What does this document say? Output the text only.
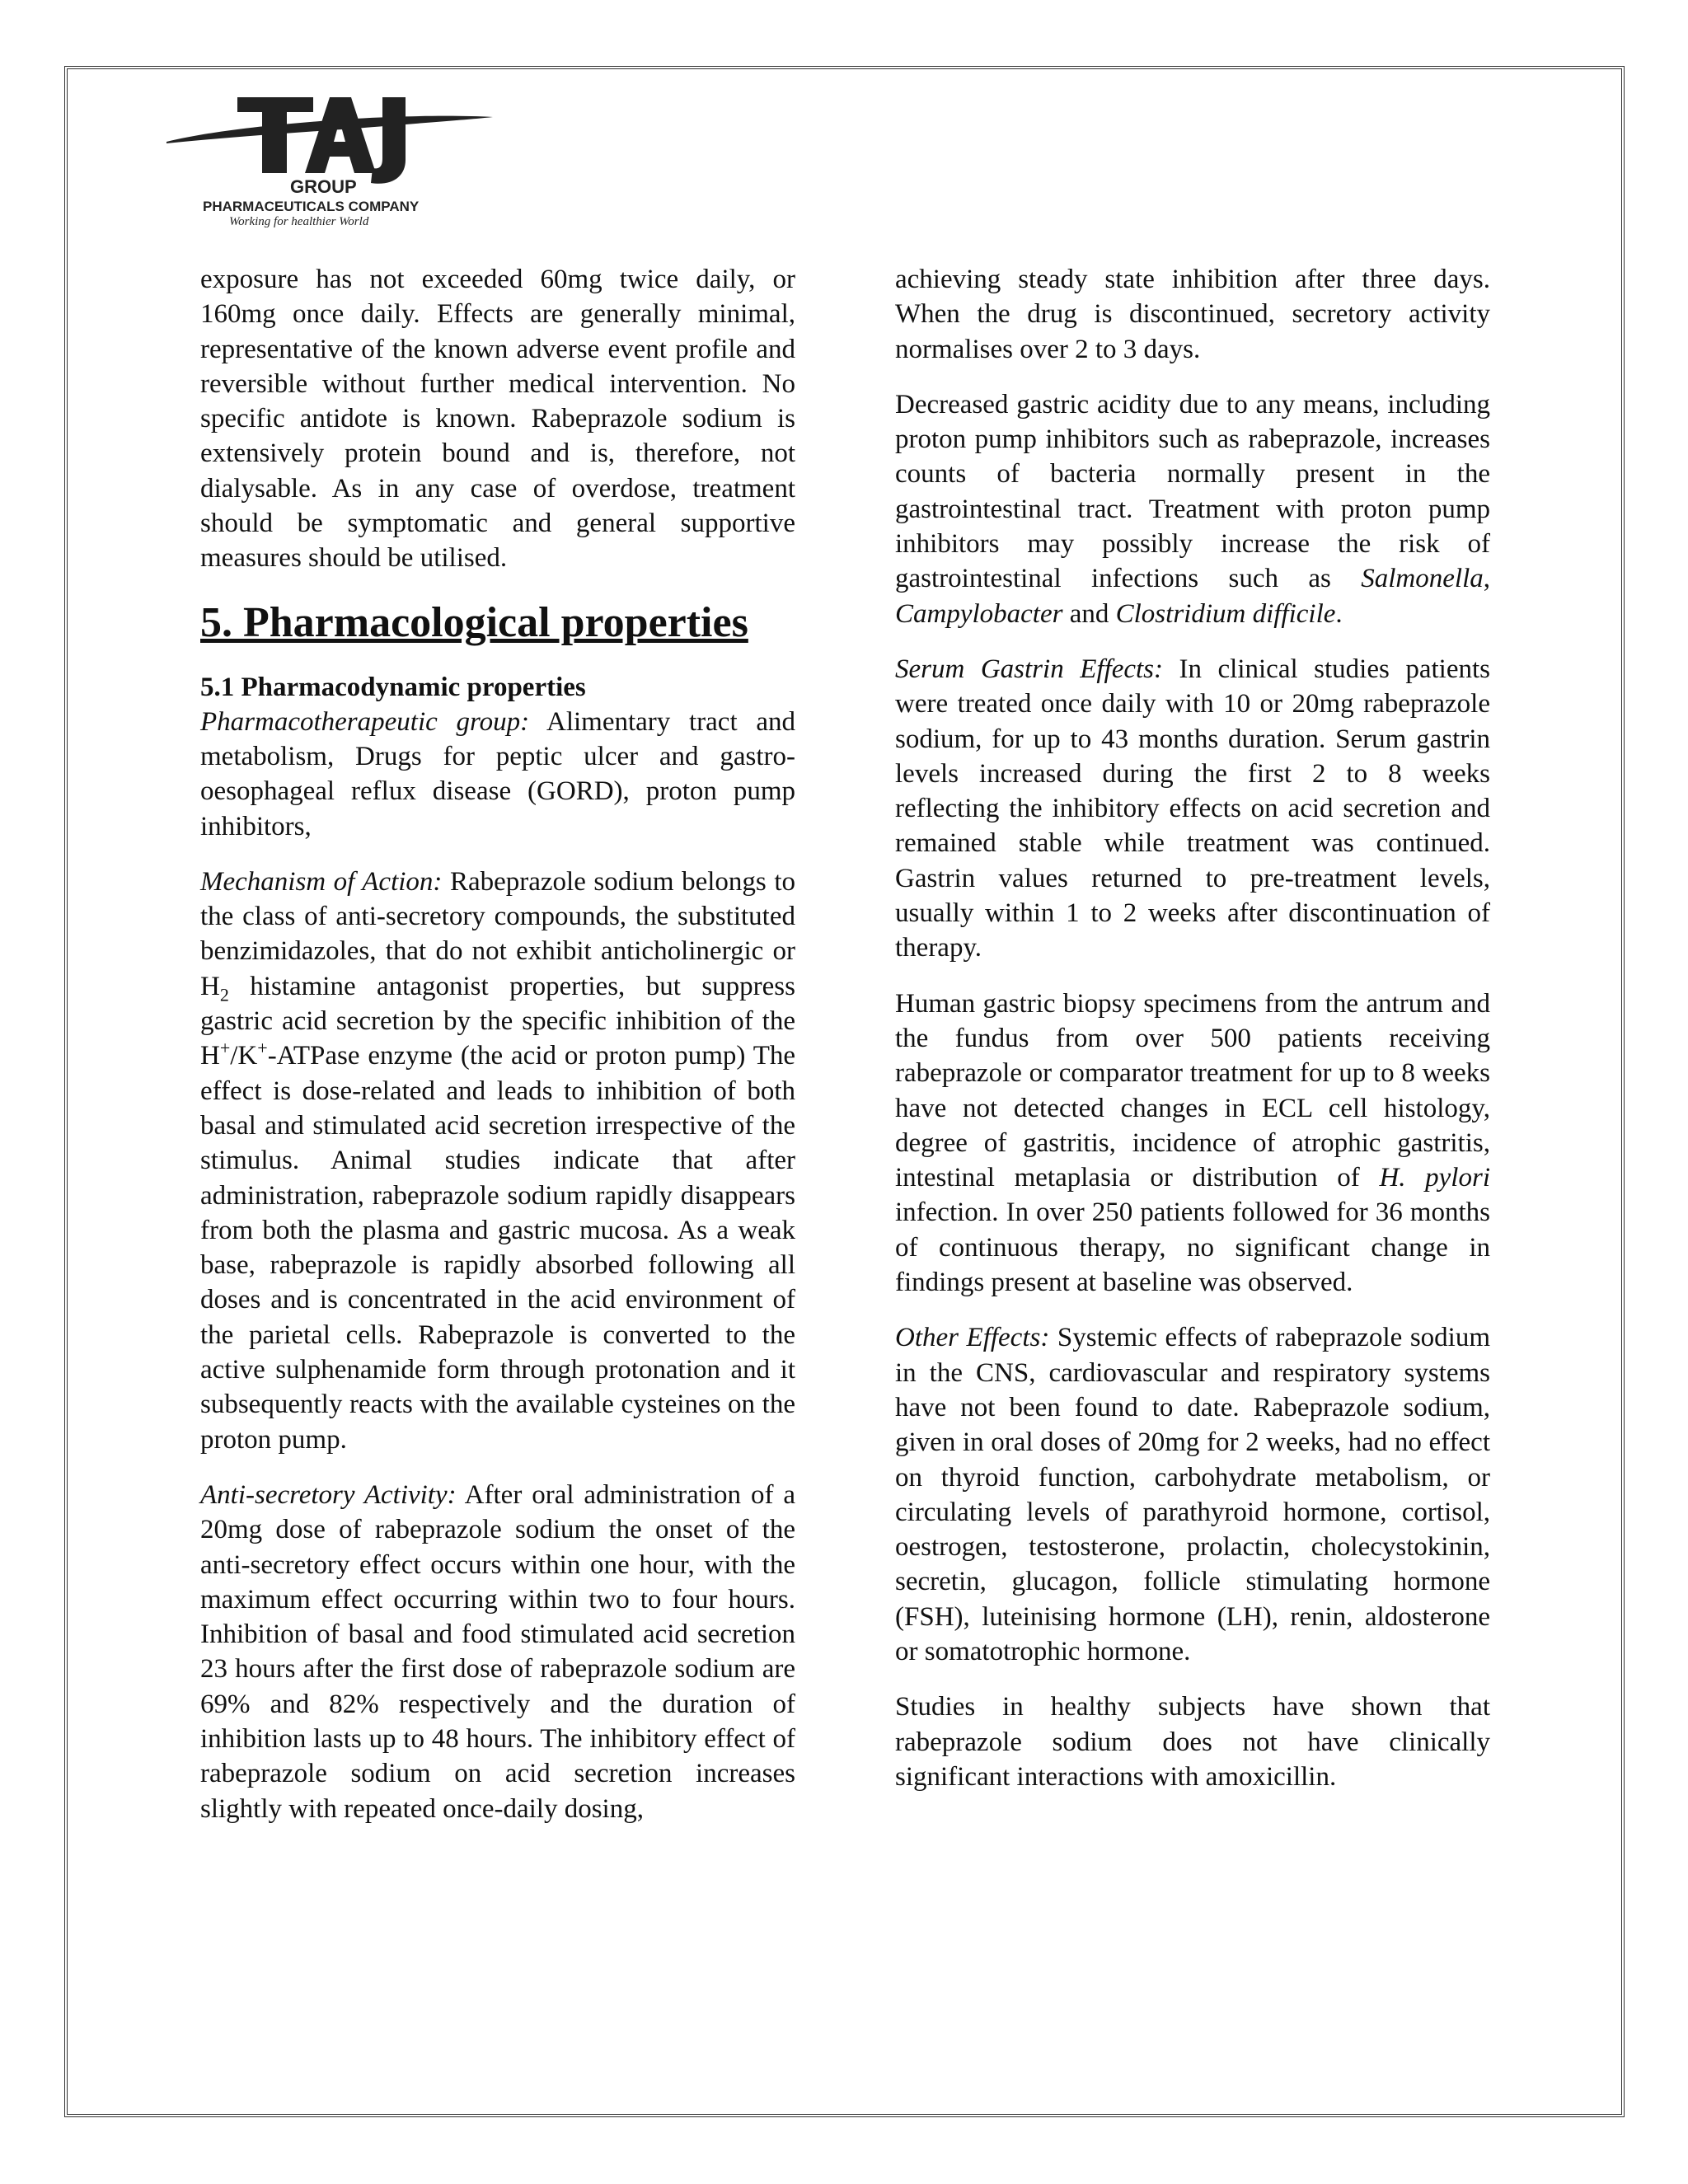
GROUP
PHARMACEUTICALS COMPANY
Working for healthier World

exposure has not exceeded 60mg twice daily, or 160mg once daily. Effects are generally minimal, representative of the known adverse event profile and reversible without further medical intervention. No specific antidote is known. Rabeprazole sodium is extensively protein bound and is, therefore, not dialysable. As in any case of overdose, treatment should be symptomatic and general supportive measures should be utilised.

5. Pharmacological properties
5.1 Pharmacodynamic properties

Pharmacotherapeutic group: Alimentary tract and metabolism, Drugs for peptic ulcer and gastro-oesophageal reflux disease (GORD), proton pump inhibitors,

Mechanism of Action: Rabeprazole sodium belongs to the class of anti-secretory compounds, the substituted benzimidazoles, that do not exhibit anticholinergic or $H_2$ histamine antagonist properties, but suppress gastric acid secretion by the specific inhibition of the H+/K+-ATPase enzyme (the acid or proton pump) The effect is dose-related and leads to inhibition of both basal and stimulated acid secretion irrespective of the stimulus. Animal studies indicate that after administration, rabeprazole sodium rapidly disappears from both the plasma and gastric mucosa. As a weak base, rabeprazole is rapidly absorbed following all doses and is concentrated in the acid environment of the parietal cells. Rabeprazole is converted to the active sulphenamide form through protonation and it subsequently reacts with the available cysteines on the proton pump.

Anti-secretory Activity: After oral administration of a 20mg dose of rabeprazole sodium the onset of the anti-secretory effect occurs within one hour, with the maximum effect occurring within two to four hours. Inhibition of basal and food stimulated acid secretion 23 hours after the first dose of rabeprazole sodium are 69% and 82% respectively and the duration of inhibition lasts up to 48 hours. The inhibitory effect of rabeprazole sodium on acid secretion increases slightly with repeated once-daily dosing,

achieving steady state inhibition after three days. When the drug is discontinued, secretory activity normalises over 2 to 3 days.

Decreased gastric acidity due to any means, including proton pump inhibitors such as rabeprazole, increases counts of bacteria normally present in the gastrointestinal tract. Treatment with proton pump inhibitors may possibly increase the risk of gastrointestinal infections such as Salmonella, Campylobacter and Clostridium difficile.

Serum Gastrin Effects: In clinical studies patients were treated once daily with 10 or 20mg rabeprazole sodium, for up to 43 months duration. Serum gastrin levels increased during the first 2 to 8 weeks reflecting the inhibitory effects on acid secretion and remained stable while treatment was continued. Gastrin values returned to pre-treatment levels, usually within 1 to 2 weeks after discontinuation of therapy.

Human gastric biopsy specimens from the antrum and the fundus from over 500 patients receiving rabeprazole or comparator treatment for up to 8 weeks have not detected changes in ECL cell histology, degree of gastritis, incidence of atrophic gastritis, intestinal metaplasia or distribution of H. pylori infection. In over 250 patients followed for 36 months of continuous therapy, no significant change in findings present at baseline was observed.

Other Effects: Systemic effects of rabeprazole sodium in the CNS, cardiovascular and respiratory systems have not been found to date. Rabeprazole sodium, given in oral doses of 20mg for 2 weeks, had no effect on thyroid function, carbohydrate metabolism, or circulating levels of parathyroid hormone, cortisol, oestrogen, testosterone, prolactin, cholecystokinin, secretin, glucagon, follicle stimulating hormone (FSH), luteinising hormone (LH), renin, aldosterone or somatotrophic hormone.

Studies in healthy subjects have shown that rabeprazole sodium does not have clinically significant interactions with amoxicillin.
